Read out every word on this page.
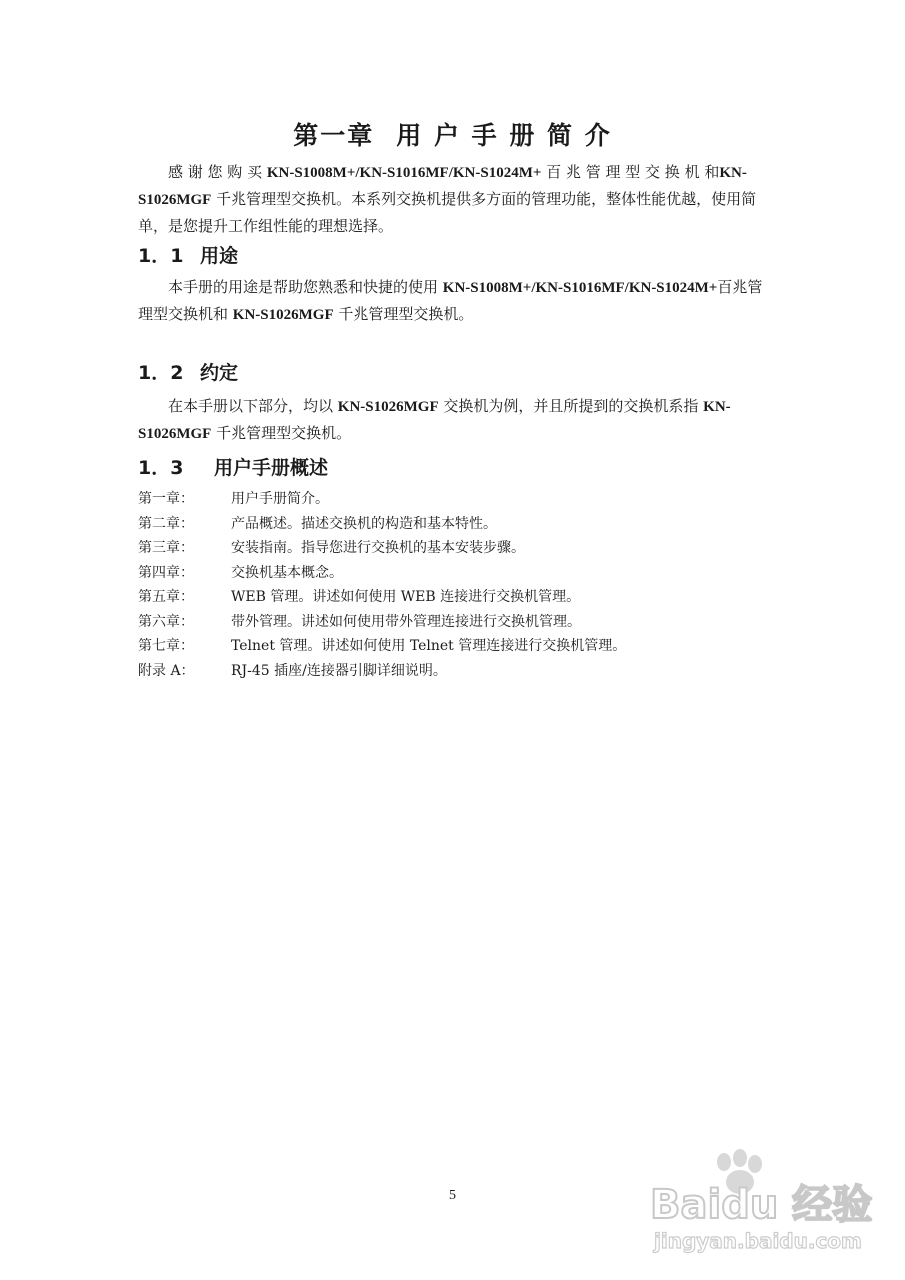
第一章 用 户 手 册 简 介
感 谢 您 购 买 KN-S1008M+/KN-S1016MF/KN-S1024M+ 百 兆 管 理 型 交 换 机 和KN-S1026MGF 千兆管理型交换机。本系列交换机提供多方面的管理功能，整体性能优越，使用简单，是您提升工作组性能的理想选择。
1．1 用途
本手册的用途是帮助您熟悉和快捷的使用 KN-S1008M+/KN-S1016MF/KN-S1024M+百兆管理型交换机和 KN-S1026MGF 千兆管理型交换机。
1．2 约定
在本手册以下部分，均以 KN-S1026MGF 交换机为例，并且所提到的交换机系指 KN-S1026MGF 千兆管理型交换机。
1．3 用户手册概述
第一章：	用户手册简介。
第二章：	产品概述。描述交换机的构造和基本特性。
第三章：	安装指南。指导您进行交换机的基本安装步骤。
第四章：	交换机基本概念。
第五章：	WEB 管理。讲述如何使用 WEB 连接进行交换机管理。
第六章：	带外管理。讲述如何使用带外管理连接进行交换机管理。
第七章：	Telnet 管理。讲述如何使用 Telnet 管理连接进行交换机管理。
附录 A：	RJ-45 插座/连接器引脚详细说明。
5	Baidu 经验
jingyan.baidu.com
